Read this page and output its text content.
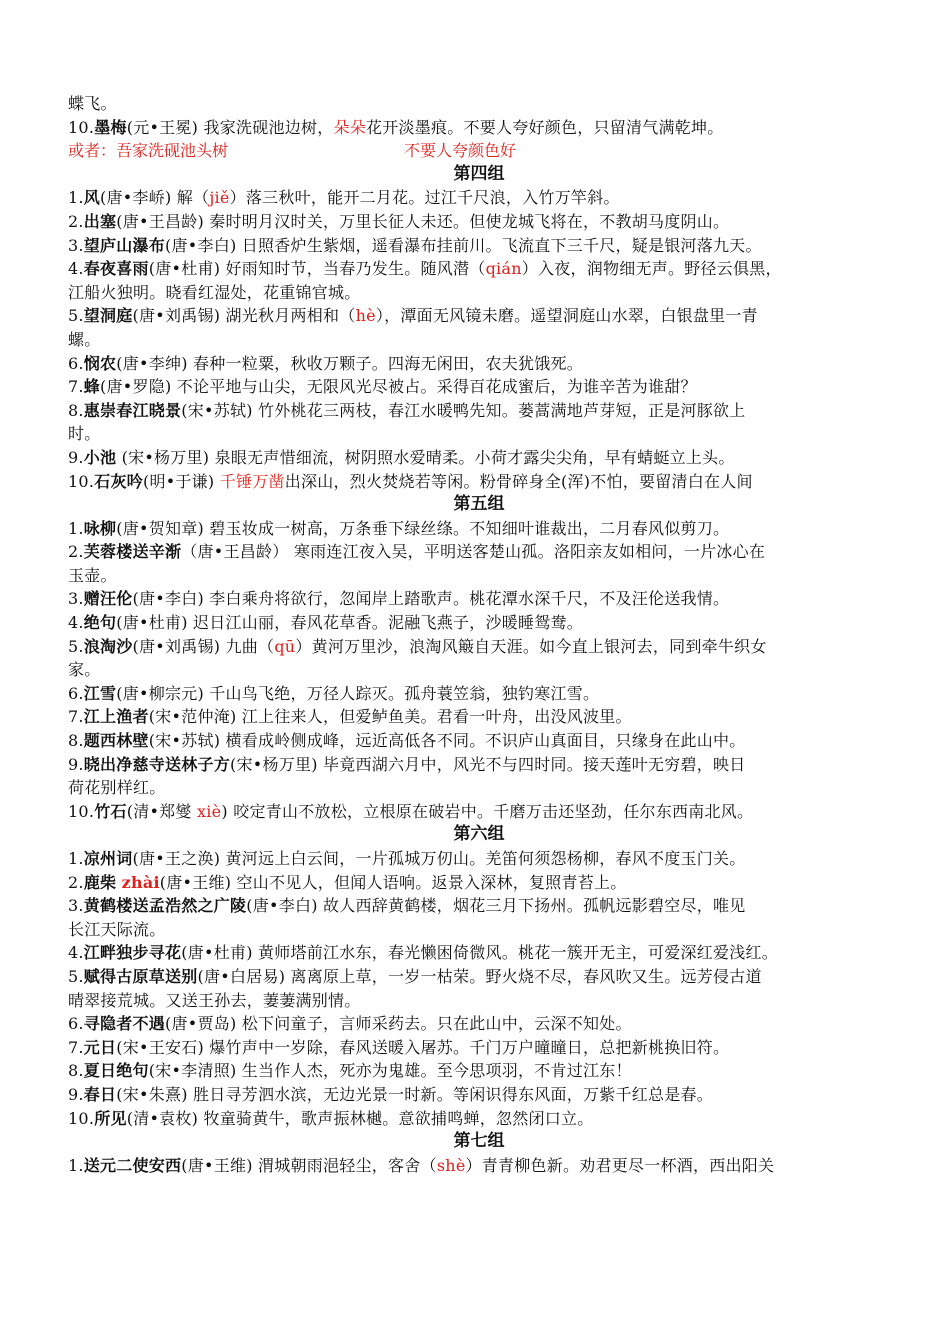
蝶飞。
10.墨梅(元•王冕) 我家洗砚池边树，朵朵花开淡墨痕。不要人夸好颜色，只留清气满乾坤。
或者：吾家洗砚池头树	不要人夸颜色好
第四组
1.风(唐•李峤) 解（jiě）落三秋叶，能开二月花。过江千尺浪，入竹万竿斜。
2.出塞(唐•王昌龄) 秦时明月汉时关，万里长征人未还。但使龙城飞将在，不教胡马度阴山。
3.望庐山瀑布(唐•李白) 日照香炉生紫烟，遥看瀑布挂前川。飞流直下三千尺，疑是银河落九天。
4.春夜喜雨(唐•杜甫) 好雨知时节，当春乃发生。随风潜（qián）入夜，润物细无声。野径云俱黑，
江船火独明。晓看红湿处，花重锦官城。
5.望洞庭(唐•刘禹锡) 湖光秋月两相和（hè），潭面无风镜未磨。遥望洞庭山水翠，白银盘里一青
螺。
6.悯农(唐•李绅) 春种一粒粟，秋收万颗子。四海无闲田，农夫犹饿死。
7.蜂(唐•罗隐) 不论平地与山尖，无限风光尽被占。采得百花成蜜后，为谁辛苦为谁甜？
8.惠崇春江晓景(宋•苏轼) 竹外桃花三两枝，春江水暖鸭先知。蒌蒿满地芦芽短，正是河豚欲上
时。
9.小池 (宋•杨万里) 泉眼无声惜细流，树阴照水爱晴柔。小荷才露尖尖角，早有蜻蜓立上头。
10.石灰吟(明•于谦) 千锤万凿出深山，烈火焚烧若等闲。粉骨碎身全(浑)不怕，要留清白在人间
第五组
1.咏柳(唐•贺知章) 碧玉妆成一树高，万条垂下绿丝绦。不知细叶谁裁出，二月春风似剪刀。
2.芙蓉楼送辛渐（唐•王昌龄） 寒雨连江夜入吴，平明送客楚山孤。洛阳亲友如相问，一片冰心在
玉壶。
3.赠汪伦(唐•李白) 李白乘舟将欲行，忽闻岸上踏歌声。桃花潭水深千尺，不及汪伦送我情。
4.绝句(唐•杜甫) 迟日江山丽，春风花草香。泥融飞燕子，沙暖睡鸳鸯。
5.浪淘沙(唐•刘禹锡) 九曲（qū）黄河万里沙，浪淘风簸自天涯。如今直上银河去，同到牵牛织女
家。
6.江雪(唐•柳宗元) 千山鸟飞绝，万径人踪灭。孤舟蓑笠翁，独钓寒江雪。
7.江上渔者(宋•范仲淹) 江上往来人，但爱鲈鱼美。君看一叶舟，出没风波里。
8.题西林壁(宋•苏轼) 横看成岭侧成峰，远近高低各不同。不识庐山真面目，只缘身在此山中。
9.晓出净慈寺送林子方(宋•杨万里) 毕竟西湖六月中，风光不与四时同。接天莲叶无穷碧，映日
荷花别样红。
10.竹石(清•郑燮 xiè) 咬定青山不放松，立根原在破岩中。千磨万击还坚劲，任尔东西南北风。
第六组
1.凉州词(唐•王之涣) 黄河远上白云间，一片孤城万仞山。羌笛何须怨杨柳，春风不度玉门关。
2.鹿柴 zhài(唐•王维) 空山不见人，但闻人语响。返景入深林，复照青苔上。
3.黄鹤楼送孟浩然之广陵(唐•李白) 故人西辞黄鹤楼，烟花三月下扬州。孤帆远影碧空尽，唯见
长江天际流。
4.江畔独步寻花(唐•杜甫) 黄师塔前江水东，春光懒困倚微风。桃花一簇开无主，可爱深红爱浅红。
5.赋得古原草送别(唐•白居易) 离离原上草，一岁一枯荣。野火烧不尽，春风吹又生。远芳侵古道
晴翠接荒城。又送王孙去，萋萋满别情。
6.寻隐者不遇(唐•贾岛) 松下问童子，言师采药去。只在此山中，云深不知处。
7.元日(宋•王安石) 爆竹声中一岁除，春风送暖入屠苏。千门万户曈曈日，总把新桃换旧符。
8.夏日绝句(宋•李清照) 生当作人杰，死亦为鬼雄。至今思项羽，不肯过江东！
9.春日(宋•朱熹) 胜日寻芳泗水滨，无边光景一时新。等闲识得东风面，万紫千红总是春。
10.所见(清•袁枚) 牧童骑黄牛，歌声振林樾。意欲捕鸣蝉，忽然闭口立。
第七组
1.送元二使安西(唐•王维) 渭城朝雨浥轻尘，客舍（shè）青青柳色新。劝君更尽一杯酒，西出阳关
